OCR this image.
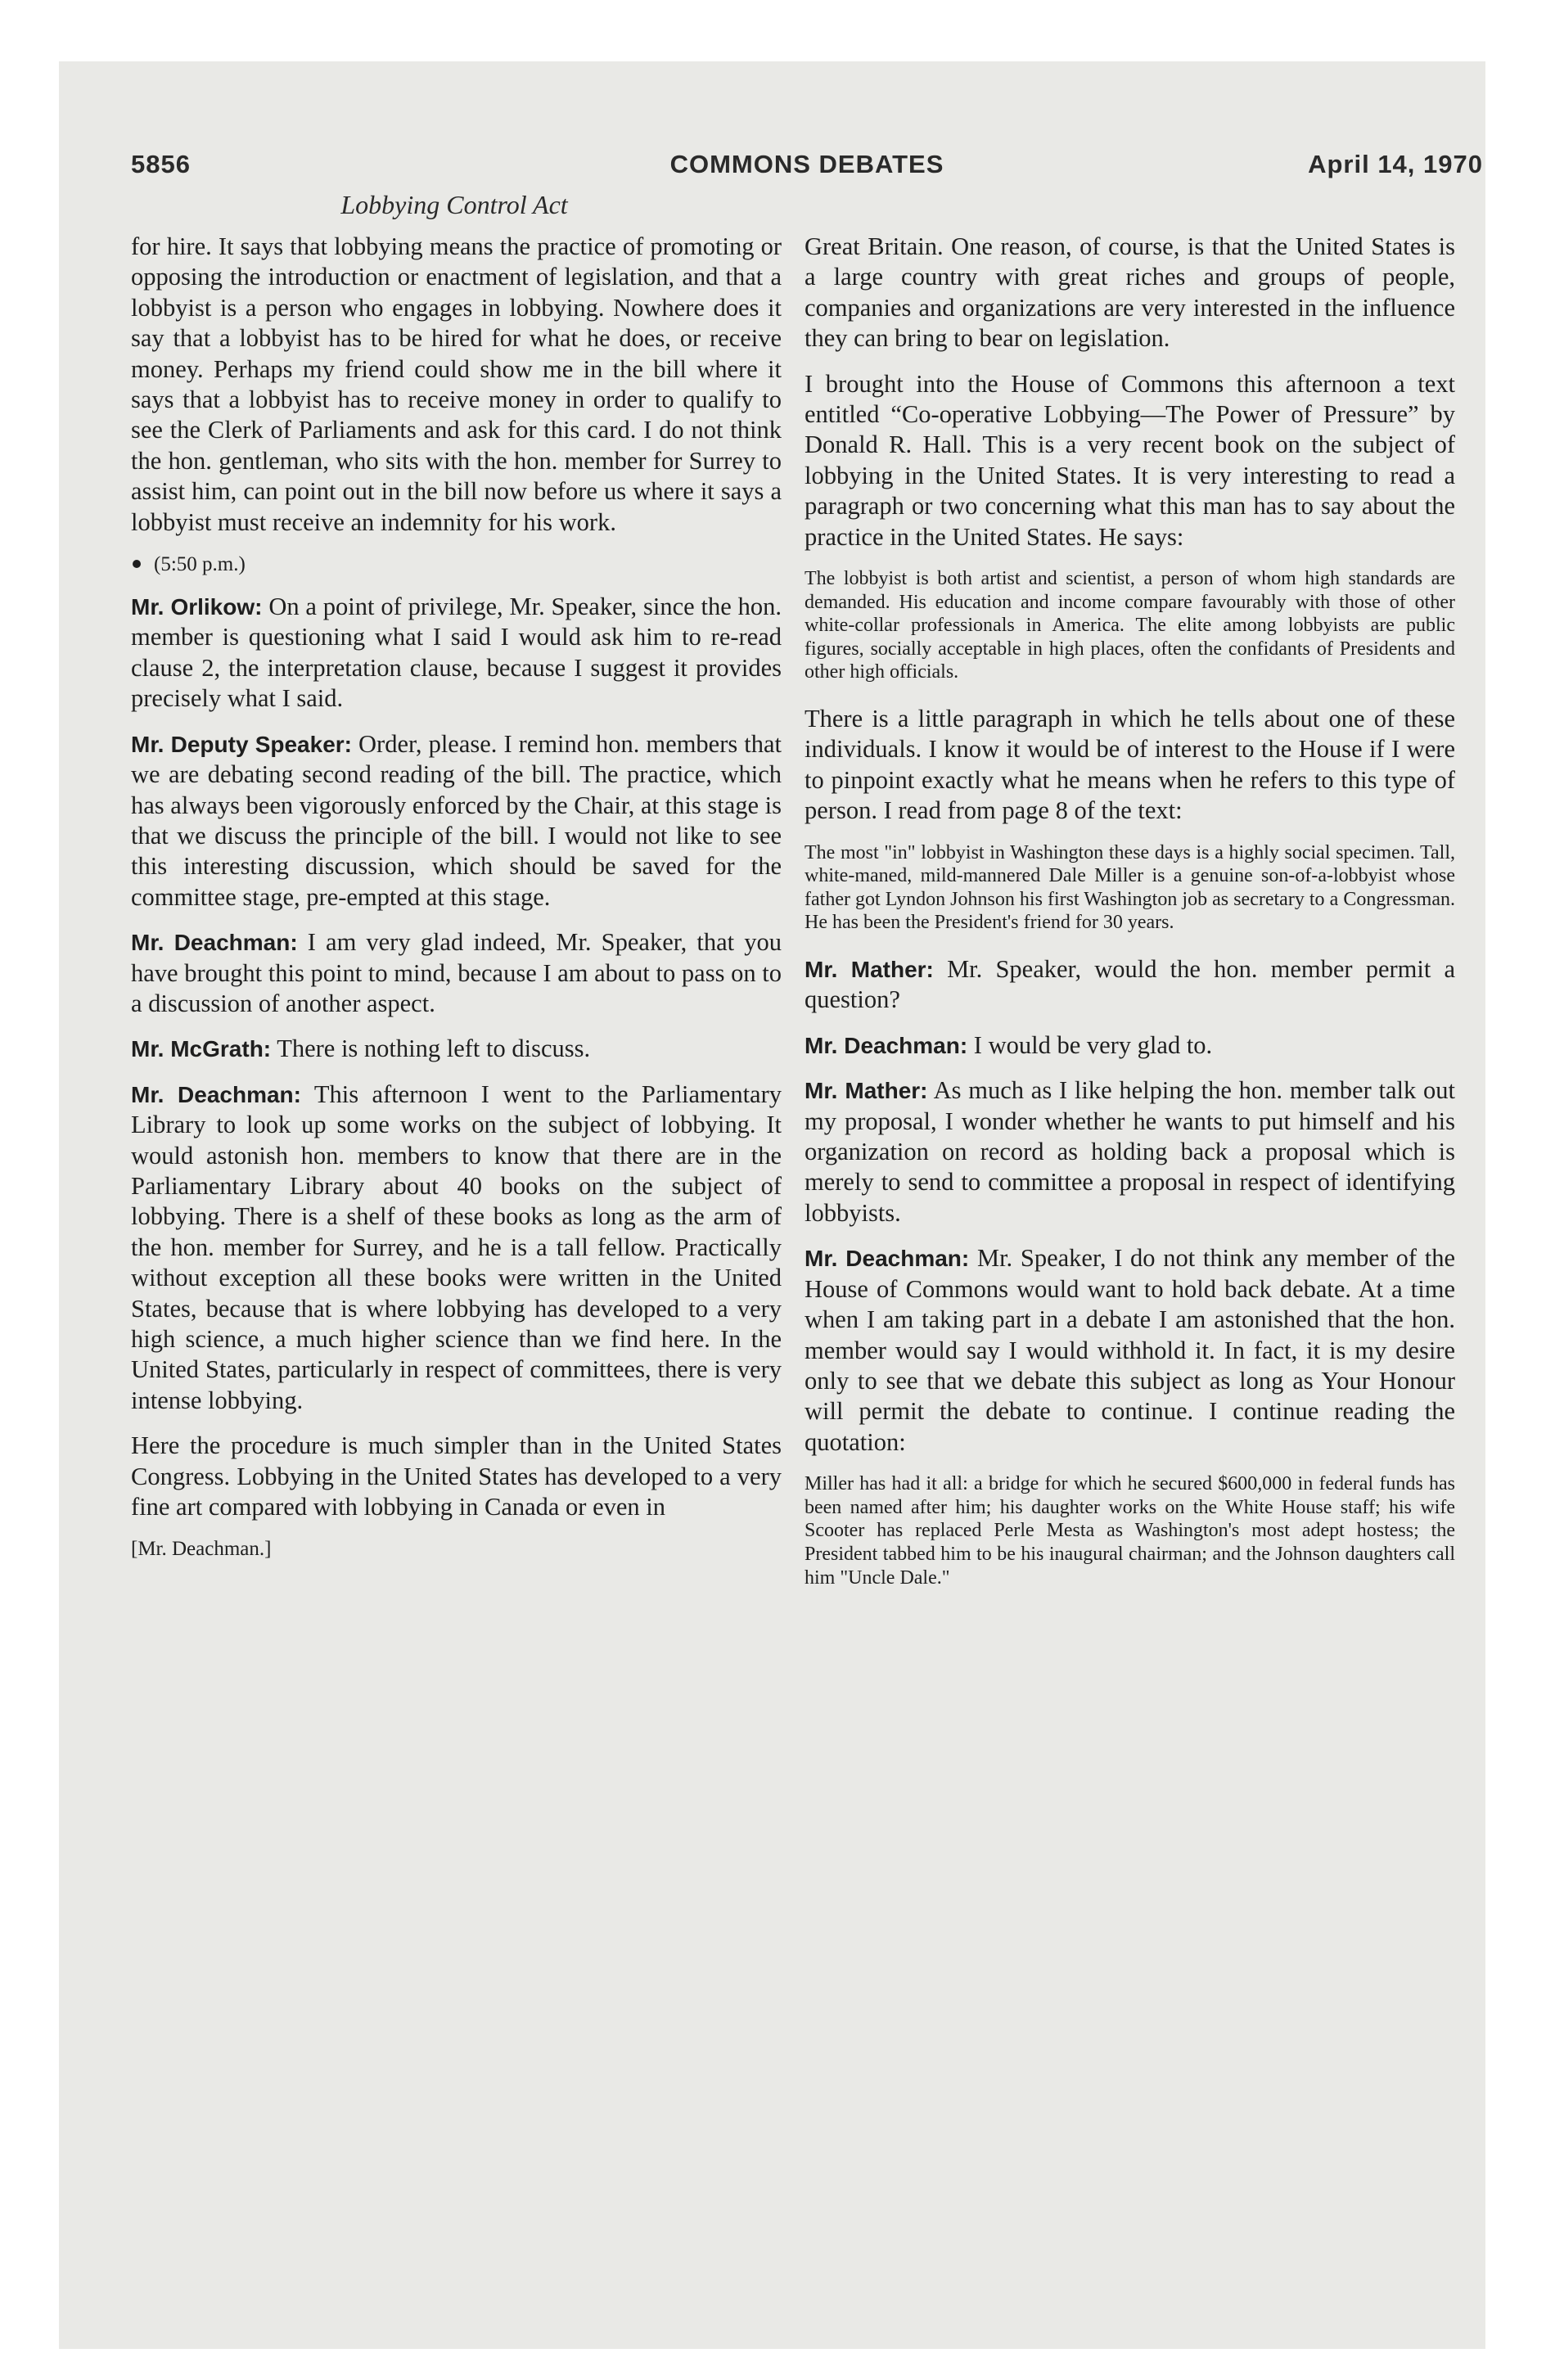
5856	COMMONS DEBATES	April 14, 1970
Lobbying Control Act

for hire. It says that lobbying means the practice of promoting or opposing the introduction or enactment of legislation, and that a lobbyist is a person who engages in lobbying. Nowhere does it say that a lobbyist has to be hired for what he does, or receive money. Perhaps my friend could show me in the bill where it says that a lobbyist has to receive money in order to qualify to see the Clerk of Parliaments and ask for this card. I do not think the hon. gentleman, who sits with the hon. member for Surrey to assist him, can point out in the bill now before us where it says a lobbyist must receive an indemnity for his work.

(5:50 p.m.)

Mr. Orlikow: On a point of privilege, Mr. Speaker, since the hon. member is questioning what I said I would ask him to re-read clause 2, the interpretation clause, because I suggest it provides precisely what I said.

Mr. Deputy Speaker: Order, please. I remind hon. members that we are debating second reading of the bill. The practice, which has always been vigorously enforced by the Chair, at this stage is that we discuss the principle of the bill. I would not like to see this interesting discussion, which should be saved for the committee stage, pre-empted at this stage.

Mr. Deachman: I am very glad indeed, Mr. Speaker, that you have brought this point to mind, because I am about to pass on to a discussion of another aspect.

Mr. McGrath: There is nothing left to discuss.

Mr. Deachman: This afternoon I went to the Parliamentary Library to look up some works on the subject of lobbying. It would astonish hon. members to know that there are in the Parliamentary Library about 40 books on the subject of lobbying. There is a shelf of these books as long as the arm of the hon. member for Surrey, and he is a tall fellow. Practically without exception all these books were written in the United States, because that is where lobbying has developed to a very high science, a much higher science than we find here. In the United States, particularly in respect of committees, there is very intense lobbying.

Here the procedure is much simpler than in the United States Congress. Lobbying in the United States has developed to a very fine art compared with lobbying in Canada or even in

[Mr. Deachman.]

Great Britain. One reason, of course, is that the United States is a large country with great riches and groups of people, companies and organizations are very interested in the influence they can bring to bear on legislation.

I brought into the House of Commons this afternoon a text entitled “Co-operative Lobbying—The Power of Pressure” by Donald R. Hall. This is a very recent book on the subject of lobbying in the United States. It is very interesting to read a paragraph or two concerning what this man has to say about the practice in the United States. He says:

The lobbyist is both artist and scientist, a person of whom high standards are demanded. His education and income compare favourably with those of other white-collar professionals in America. The elite among lobbyists are public figures, socially acceptable in high places, often the confidants of Presidents and other high officials.

There is a little paragraph in which he tells about one of these individuals. I know it would be of interest to the House if I were to pinpoint exactly what he means when he refers to this type of person. I read from page 8 of the text:

The most "in" lobbyist in Washington these days is a highly social specimen. Tall, white-maned, mild-mannered Dale Miller is a genuine son-of-a-lobbyist whose father got Lyndon Johnson his first Washington job as secretary to a Congressman. He has been the President's friend for 30 years.

Mr. Mather: Mr. Speaker, would the hon. member permit a question?

Mr. Deachman: I would be very glad to.

Mr. Mather: As much as I like helping the hon. member talk out my proposal, I wonder whether he wants to put himself and his organization on record as holding back a proposal which is merely to send to committee a proposal in respect of identifying lobbyists.

Mr. Deachman: Mr. Speaker, I do not think any member of the House of Commons would want to hold back debate. At a time when I am taking part in a debate I am astonished that the hon. member would say I would withhold it. In fact, it is my desire only to see that we debate this subject as long as Your Honour will permit the debate to continue. I continue reading the quotation:

Miller has had it all: a bridge for which he secured $600,000 in federal funds has been named after him; his daughter works on the White House staff; his wife Scooter has replaced Perle Mesta as Washington's most adept hostess; the President tabbed him to be his inaugural chairman; and the Johnson daughters call him "Uncle Dale."
